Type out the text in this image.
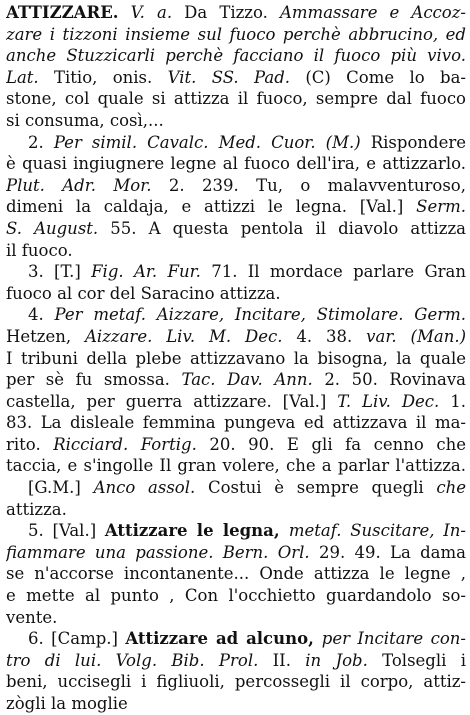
ATTIZZARE. V. a. Da Tizzo. Ammassare e Accoz-
zare i tizzoni insieme sul fuoco perchè abbrucino, ed
anche Stuzzicarli perchè facciano il fuoco più vivo.
Lat. Titio, onis. Vit. SS. Pad. (C) Come lo ba-
stone, col quale si attizza il fuoco, sempre dal fuoco
si consuma, così,...
2. Per simil. Cavalc. Med. Cuor. (M.) Rispondere
è quasi ingiugnere legne al fuoco dell'ira, e attizzarlo.
Plut. Adr. Mor. 2. 239. Tu, o malavventuroso,
dimeni la caldaja, e attizzi le legna. [Val.] Serm.
S. August. 55. A questa pentola il diavolo attizza
il fuoco.
3. [T.] Fig. Ar. Fur. 71. Il mordace parlare Gran
fuoco al cor del Saracino attizza.
4. Per metaf. Aizzare, Incitare, Stimolare. Germ.
Hetzen, Aizzare. Liv. M. Dec. 4. 38. var. (Man.)
I tribuni della plebe attizzavano la bisogna, la quale
per sè fu smossa. Tac. Dav. Ann. 2. 50. Rovinava
castella, per guerra attizzare. [Val.] T. Liv. Dec. 1.
83. La disleale femmina pungeva ed attizzava il ma-
rito. Ricciard. Fortig. 20. 90. E gli fa cenno che
taccia, e s'ingolle Il gran volere, che a parlar l'attizza.
[G.M.] Anco assol. Costui è sempre quegli che
attizza.
5. [Val.] Attizzare le legna, metaf. Suscitare, In-
fiammare una passione. Bern. Orl. 29. 49. La dama
se n'accorse incontanente... Onde attizza le legne ,
e mette al punto , Con l'occhietto guardandolo so-
vente.
6. [Camp.] Attizzare ad alcuno, per Incitare con-
tro di lui. Volg. Bib. Prol. II. in Job. Tolsegli i
beni, uccisegli i figliuoli, percossegli il corpo, attiz-
zògli la moglie
